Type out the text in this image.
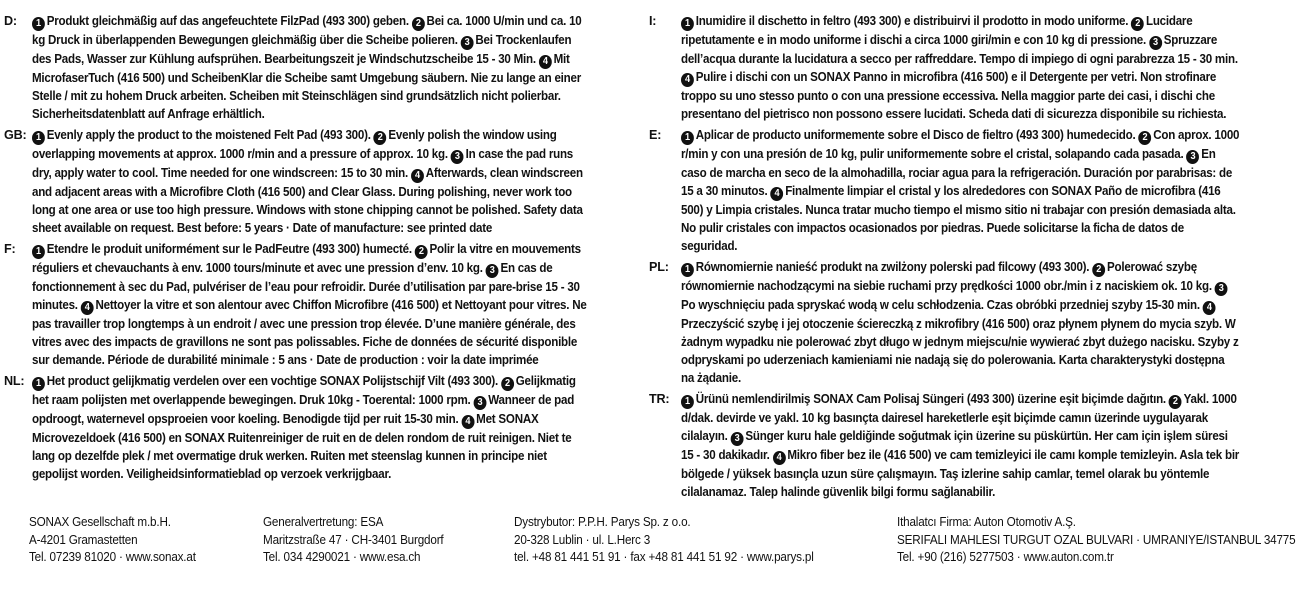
D:	1 Produkt gleichmäßig auf das angefeuchtete FilzPad (493 300) geben. 2 Bei ca. 1000 U/min und ca. 10 kg Druck in überlappenden Bewegungen gleichmäßig über die Scheibe polieren. 3 Bei Trockenlaufen des Pads, Wasser zur Kühlung aufsprühen. Bearbeitungszeit je Windschutzscheibe 15 - 30 Min. 4 Mit MicrofaserTuch (416 500) und ScheibenKlar die Scheibe samt Umgebung säubern. Nie zu lange an einer Stelle / mit zu hohem Druck arbeiten. Scheiben mit Steinschlägen sind grundsätzlich nicht polierbar. Sicherheitsdatenblatt auf Anfrage erhältlich.
GB: 1 Evenly apply the product to the moistened Felt Pad (493 300). 2 Evenly polish the window using overlapping movements at approx. 1000 r/min and a pressure of approx. 10 kg. 3 In case the pad runs dry, apply water to cool. Time needed for one windscreen: 15 to 30 min. 4 Afterwards, clean windscreen and adjacent areas with a Microfibre Cloth (416 500) and Clear Glass. During polishing, never work too long at one area or use too high pressure. Windows with stone chipping cannot be polished. Safety data sheet available on request. Best before: 5 years · Date of manufacture: see printed date
F:	1 Etendre le produit uniformément sur le PadFeutre (493 300) humecté. 2 Polir la vitre en mouvements réguliers et chevauchants à env. 1000 tours/minute et avec une pression d’env. 10 kg. 3 En cas de fonctionnement à sec du Pad, pulvériser de l’eau pour refroidir. Durée d’utilisation par pare-brise 15 - 30 minutes. 4 Nettoyer la vitre et son alentour avec Chiffon Microfibre (416 500) et Nettoyant pour vitres. Ne pas travailler trop longtemps à un endroit / avec une pression trop élevée. D’une manière générale, des vitres avec des impacts de gravillons ne sont pas polissables. Fiche de données de sécurité disponible sur demande. Période de durabilité minimale : 5 ans · Date de production : voir la date imprimée
NL:	1 Het product gelijkmatig verdelen over een vochtige SONAX Polijstschijf Vilt (493 300). 2 Gelijkmatig het raam polijsten met overlappende bewegingen. Druk 10kg - Toerental: 1000 rpm. 3 Wanneer de pad opdroogt, waternevel opsproeien voor koeling. Benodigde tijd per ruit 15-30 min. 4 Met SONAX Microvezeldoek (416 500) en SONAX Ruitenreiniger de ruit en de delen rondom de ruit reinigen. Niet te lang op dezelfde plek / met overmatige druk werken. Ruiten met steenslag kunnen in principe niet gepolijst worden. Veiligheidsinformatieblad op verzoek verkrijgbaar.
I:	1 Inumidire il dischetto in feltro (493 300) e distribuirvi il prodotto in modo uniforme. 2 Lucidare ripetutamente e in modo uniforme i dischi a circa 1000 giri/min e con 10 kg di pressione. 3 Spruzzare dell’acqua durante la lucidatura a secco per raffreddare. Tempo di impiego di ogni parabrezza 15 - 30 min. 4 Pulire i dischi con un SONAX Panno in microfibra (416 500) e il Detergente per vetri. Non strofinare troppo su uno stesso punto o con una pressione eccessiva. Nella maggior parte dei casi, i dischi che presentano del pietrisco non possono essere lucidati. Scheda dati di sicurezza disponibile su richiesta.
E:	1 Aplicar de producto uniformemente sobre el Disco de fieltro (493 300) humedecido. 2 Con aprox. 1000 r/min y con una presión de 10 kg, pulir uniformemente sobre el cristal, solapando cada pasada. 3 En caso de marcha en seco de la almohadilla, rociar agua para la refrigeración. Duración por parabrisas: de 15 a 30 minutos. 4 Finalmente limpiar el cristal y los alrededores con SONAX Paño de microfibra (416 500) y Limpia cristales. Nunca tratar mucho tiempo el mismo sitio ni trabajar con presión demasiada alta. No pulir cristales con impactos ocasionados por piedras. Puede solicitarse la ficha de datos de seguridad.
PL:	1 Równomiernie nanieść produkt na zwilżony polerski pad filcowy (493 300). 2 Polerować szybę równomiernie nachodzącymi na siebie ruchami przy prędkości 1000 obr./min i z naciskiem ok. 10 kg. 3Po wyschnięciu pada spryskać wodą w celu schłodzenia. Czas obróbki przedniej szyby 15-30 min. 4Przeczyścić szybę i jej otoczenie ściereczką z mikrofibry (416 500) oraz płynem płynem do mycia szyb. W żadnym wypadku nie polerować zbyt długo w jednym miejscu/nie wywierać zbyt dużego nacisku. Szyby z odpryskami po uderzeniach kamieniami nie nadają się do polerowania. Karta charakterystyki dostępna na żądanie.
TR:	1 Ürünü nemlendirilmiş SONAX Cam Polisaj Süngeri (493 300) üzerine eşit biçimde dağıtın. 2 Yakl. 1000 d/dak. devirde ve yakl. 10 kg basınçta dairesel hareketlerle eşit biçimde camın üzerinde uygulayarak cilalayın. 3 Sünger kuru hale geldiğinde soğutmak için üzerine su püskürtün. Her cam için işlem süresi 15 - 30 dakikadır. 4 Mikro fiber bez ile (416 500) ve cam temizleyici ile camı komple temizleyin. Asla tek bir bölgede / yüksek basınçla uzun süre çalışmayın. Taş izlerine sahip camlar, temel olarak bu yöntemle cilalanamaz. Talep halinde güvenlik bilgi formu sağlanabilir.
SONAX Gesellschaft m.b.H.
A-4201 Gramastetten
Tel. 07239 81020 · www.sonax.at
Generalvertretung: ESA
Maritzstraße 47 · CH-3401 Burgdorf
Tel. 034 4290021 · www.esa.ch
Dystrybutor: P.P.H. Parys Sp. z o.o.
20-328 Lublin · ul. L.Herc 3
tel. +48 81 441 51 91 · fax +48 81 441 51 92 · www.parys.pl
Ithalatcı Firma: Auton Otomotiv A.Ş.
SERIFALI MAHLESI TURGUT OZAL BULVARI · UMRANIYE/ISTANBUL 34775
Tel. +90 (216) 5277503 · www.auton.com.tr
